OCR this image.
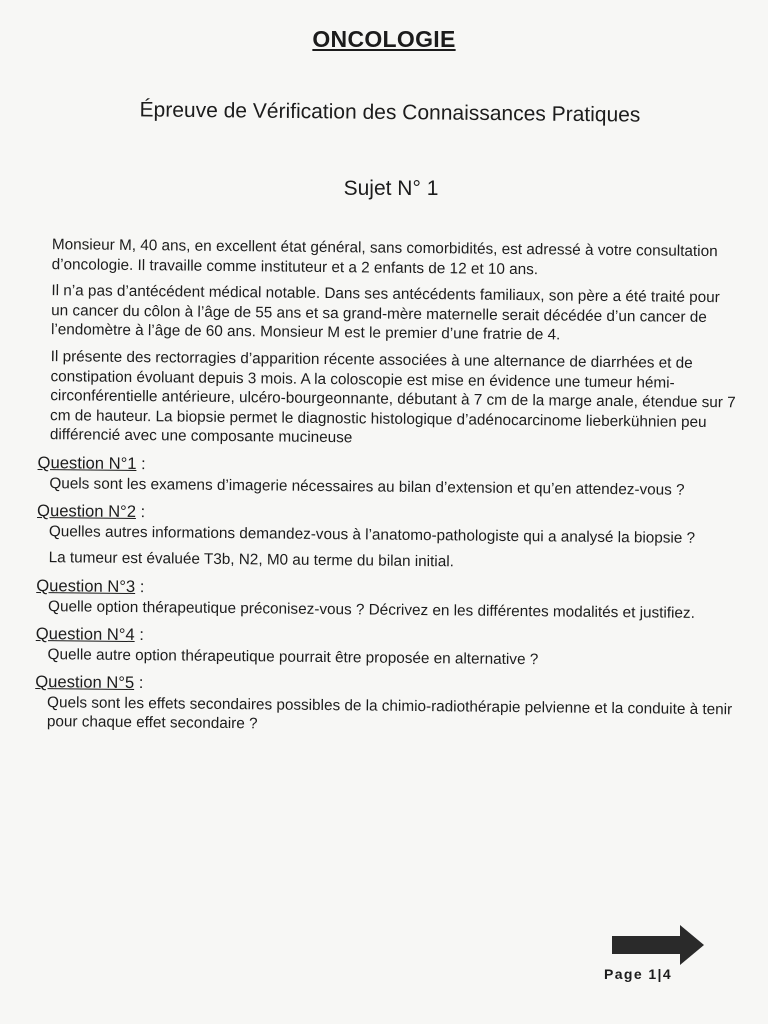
ONCOLOGIE
Épreuve de Vérification des Connaissances Pratiques
Sujet N° 1

Monsieur M, 40 ans, en excellent état général, sans comorbidités, est adressé à votre consultation d’oncologie. Il travaille comme instituteur et a 2 enfants de 12 et 10 ans.

Il n’a pas d’antécédent médical notable. Dans ses antécédents familiaux, son père a été traité pour un cancer du côlon à l’âge de 55 ans et sa grand-mère maternelle serait décédée d’un cancer de l’endomètre à l’âge de 60 ans. Monsieur M est le premier d’une fratrie de 4.

Il présente des rectorragies d’apparition récente associées à une alternance de diarrhées et de constipation évoluant depuis 3 mois. A la coloscopie est mise en évidence une tumeur hémi-circonférentielle antérieure, ulcéro-bourgeonnante, débutant à 7 cm de la marge anale, étendue sur 7 cm de hauteur. La biopsie permet le diagnostic histologique d’adénocarcinome lieberkühnien peu différencié avec une composante mucineuse

Question N°1 :

Quels sont les examens d’imagerie nécessaires au bilan d’extension et qu’en attendez-vous ?

Question N°2 :

Quelles autres informations demandez-vous à l’anatomo-pathologiste qui a analysé la biopsie ?

La tumeur est évaluée T3b, N2, M0 au terme du bilan initial.

Question N°3 :

Quelle option thérapeutique préconisez-vous ? Décrivez en les différentes modalités et justifiez.

Question N°4 :

Quelle autre option thérapeutique pourrait être proposée en alternative ?

Question N°5 :

Quels sont les effets secondaires possibles de la chimio-radiothérapie pelvienne et la conduite à tenir pour chaque effet secondaire ?

Page 1|4
